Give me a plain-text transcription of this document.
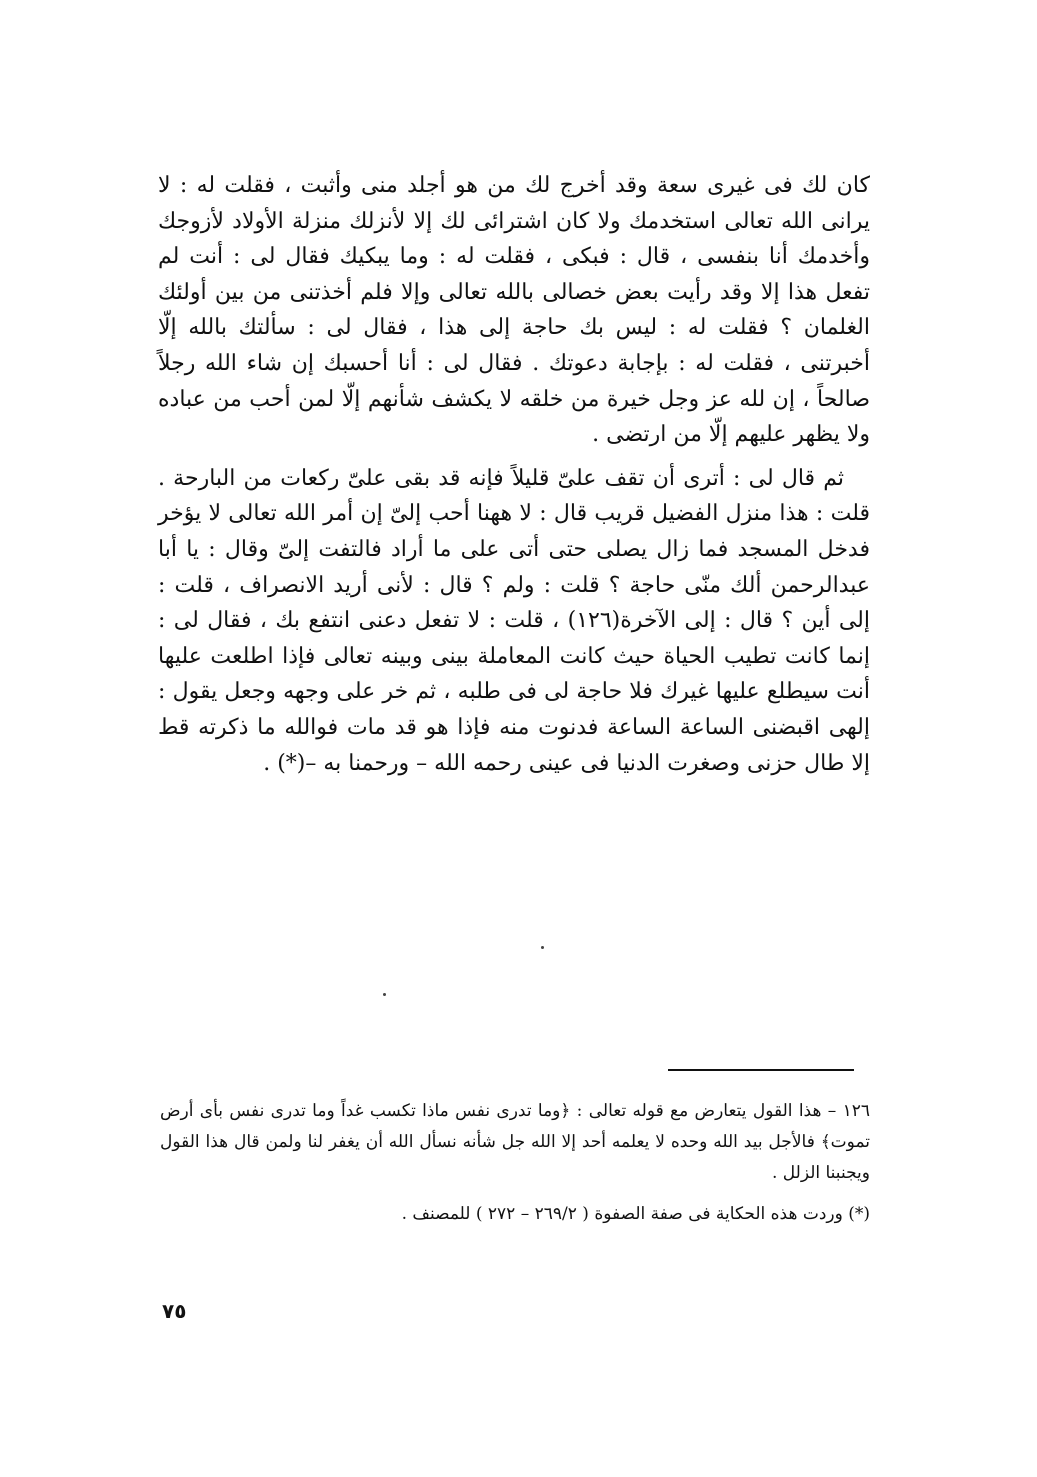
كان لك فى غيرى سعة وقد أخرج لك من هو أجلد منى وأثبت ، فقلت له : لا يرانى الله تعالى استخدمك ولا كان اشترائى لك إلا لأنزلك منزلة الأولاد لأزوجك وأخدمك أنا بنفسى ، قال : فبكى ، فقلت له : وما يبكيك فقال لى : أنت لم تفعل هذا إلا وقد رأيت بعض خصالى بالله تعالى وإلا فلم أخذتنى من بين أولئك الغلمان ؟ فقلت له : ليس بك حاجة إلى هذا ، فقال لى : سألتك بالله إلّا أخبرتنى ، فقلت له : بإجابة دعوتك . فقال لى : أنا أحسبك إن شاء الله رجلاً صالحاً ، إن لله عز وجل خيرة من خلقه لا يكشف شأنهم إلّا لمن أحب من عباده ولا يظهر عليهم إلّا من ارتضى .

ثم قال لى : أترى أن تقف علىّ قليلاً فإنه قد بقى علىّ ركعات من البارحة . قلت : هذا منزل الفضيل قريب قال : لا ههنا أحب إلىّ إن أمر الله تعالى لا يؤخر فدخل المسجد فما زال يصلى حتى أتى على ما أراد فالتفت إلىّ وقال : يا أبا عبدالرحمن ألك منّى حاجة ؟ قلت : ولم ؟ قال : لأنى أريد الانصراف ، قلت : إلى أين ؟ قال : إلى الآخرة(١٢٦) ، قلت : لا تفعل دعنى انتفع بك ، فقال لى : إنما كانت تطيب الحياة حيث كانت المعاملة بينى وبينه تعالى فإذا اطلعت عليها أنت سيطلع عليها غيرك فلا حاجة لى فى طلبه ، ثم خر على وجهه وجعل يقول : إلهى اقبضنى الساعة الساعة فدنوت منه فإذا هو قد مات فوالله ما ذكرته قط إلا طال حزنى وصغرت الدنيا فى عينى رحمه الله – ورحمنا به –(*) .

١٢٦ – هذا القول يتعارض مع قوله تعالى : ﴿وما تدرى نفس ماذا تكسب غداً وما تدرى نفس بأى أرض تموت﴾ فالأجل بيد الله وحده لا يعلمه أحد إلا الله جل شأنه نسأل الله أن يغفر لنا ولمن قال هذا القول ويجنبنا الزلل .

(*) وردت هذه الحكاية فى صفة الصفوة ( ٢٦٩/٢ – ٢٧٢ ) للمصنف .

٧٥
